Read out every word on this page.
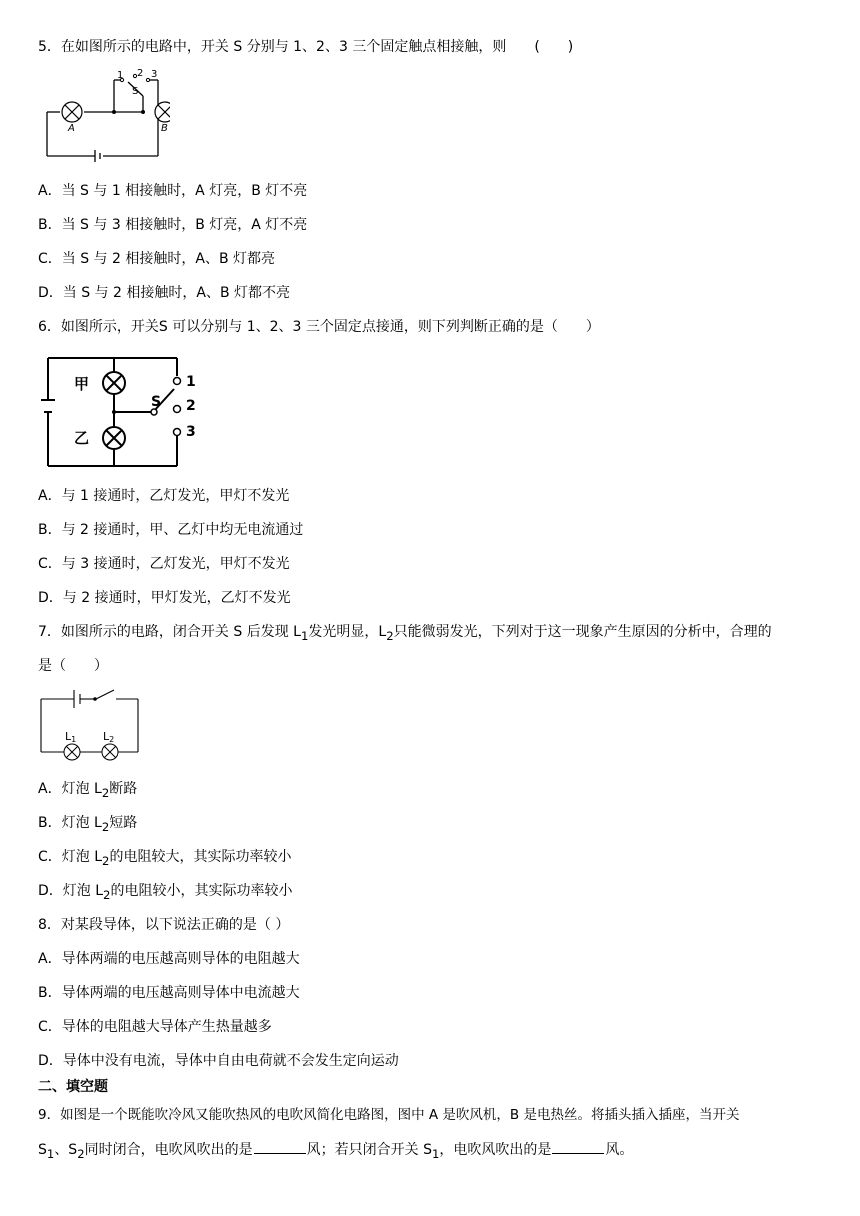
5．在如图所示的电路中，开关 S 分别与 1、2、3 三个固定触点相接触，则　　(　　)
1 2 3
S
A	B
A．当 S 与 1 相接触时，A 灯亮，B 灯不亮
B．当 S 与 3 相接触时，B 灯亮，A 灯不亮
C．当 S 与 2 相接触时，A、B 灯都亮
D．当 S 与 2 相接触时，A、B 灯都不亮
6．如图所示，开关S 可以分别与 1、2、3 三个固定点接通，则下列判断正确的是（　　）
甲
乙
S
1
2
3
A．与 1 接通时，乙灯发光，甲灯不发光
B．与 2 接通时，甲、乙灯中均无电流通过
C．与 3 接通时，乙灯发光，甲灯不发光
D．与 2 接通时，甲灯发光，乙灯不发光
7．如图所示的电路，闭合开关 S 后发现 $L_1$发光明显，$L_2$只能微弱发光，下列对于这一现象产生原因的分析中，合理的
是（　　）
L1 L2
A．灯泡 $L_2$断路
B．灯泡 $L_2$短路
C．灯泡 $L_2$的电阻较大，其实际功率较小
D．灯泡 $L_2$的电阻较小，其实际功率较小
8．对某段导体，以下说法正确的是（ ）
A．导体两端的电压越高则导体的电阻越大
B．导体两端的电压越高则导体中电流越大
C．导体的电阻越大导体产生热量越多
D．导体中没有电流，导体中自由电荷就不会发生定向运动
二、填空题
9．如图是一个既能吹冷风又能吹热风的电吹风简化电路图，图中 A 是吹风机，B 是电热丝。将插头插入插座，当开关
$S_1$、$S_2$同时闭合，电吹风吹出的是	风；若只闭合开关 $S_1$，电吹风吹出的是	风。
